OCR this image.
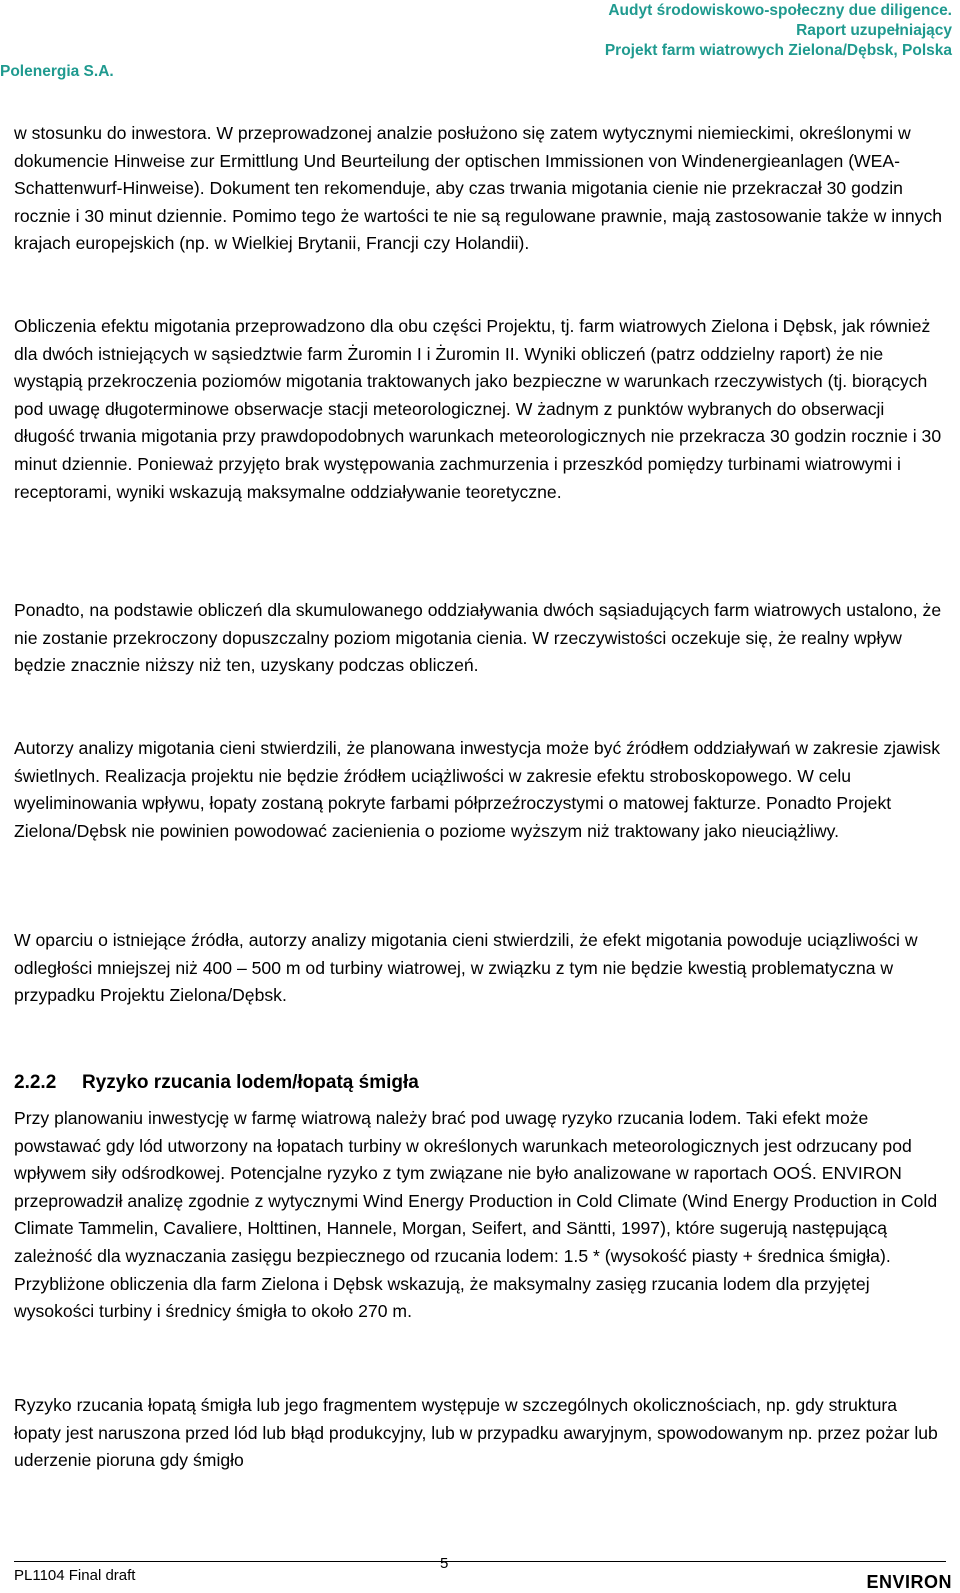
Polenergia S.A.
Audyt środowiskowo-społeczny due diligence.
Raport uzupełniający
Projekt farm wiatrowych Zielona/Dębsk, Polska

w stosunku do inwestora. W przeprowadzonej analzie posłużono się zatem wytycznymi niemieckimi, określonymi w dokumencie Hinweise zur Ermittlung Und Beurteilung der optischen Immissionen von Windenergieanlagen (WEA-Schattenwurf-Hinweise). Dokument ten rekomenduje, aby czas trwania migotania cienie nie przekraczał 30 godzin rocznie i 30 minut dziennie. Pomimo tego że wartości te nie są regulowane prawnie, mają zastosowanie także w innych krajach europejskich (np. w Wielkiej Brytanii, Francji czy Holandii).

Obliczenia efektu migotania przeprowadzono dla obu części Projektu, tj. farm wiatrowych Zielona i Dębsk, jak również dla dwóch istniejących w sąsiedztwie farm Żuromin I i Żuromin II. Wyniki obliczeń (patrz oddzielny raport) że nie wystąpią przekroczenia poziomów migotania traktowanych jako bezpieczne w warunkach rzeczywistych (tj. biorących pod uwagę długoterminowe obserwacje stacji meteorologicznej. W żadnym z punktów wybranych do obserwacji długość trwania migotania przy prawdopodobnych warunkach meteorologicznych nie przekracza 30 godzin rocznie i 30 minut dziennie. Ponieważ przyjęto brak występowania zachmurzenia i przeszkód pomiędzy turbinami wiatrowymi i receptorami, wyniki wskazują maksymalne oddziaływanie teoretyczne.

Ponadto, na podstawie obliczeń dla skumulowanego oddziaływania dwóch sąsiadujących farm wiatrowych ustalono, że nie zostanie przekroczony dopuszczalny poziom migotania cienia. W rzeczywistości oczekuje się, że realny wpływ będzie znacznie niższy niż ten, uzyskany podczas obliczeń.

Autorzy analizy migotania cieni stwierdzili, że planowana inwestycja może być źródłem oddziaływań w zakresie zjawisk świetlnych. Realizacja projektu nie będzie źródłem uciążliwości w zakresie efektu stroboskopowego. W celu wyeliminowania wpływu, łopaty zostaną pokryte farbami półprzeźroczystymi o matowej fakturze. Ponadto Projekt Zielona/Dębsk nie powinien powodować zacienienia o poziome wyższym niż traktowany jako nieuciążliwy.

W oparciu o istniejące źródła, autorzy analizy migotania cieni stwierdzili, że efekt migotania powoduje uciązliwości w odległości mniejszej niż 400 – 500 m od turbiny wiatrowej, w związku z tym nie będzie kwestią problematyczna w przypadku Projektu Zielona/Dębsk.

2.2.2 Ryzyko rzucania lodem/łopatą śmigła

Przy planowaniu inwestycję w farmę wiatrową należy brać pod uwagę ryzyko rzucania lodem. Taki efekt może powstawać gdy lód utworzony na łopatach turbiny w określonych warunkach meteorologicznych jest odrzucany pod wpływem siły odśrodkowej. Potencjalne ryzyko z tym związane nie było analizowane w raportach OOŚ. ENVIRON przeprowadził analizę zgodnie z wytycznymi Wind Energy Production in Cold Climate (Wind Energy Production in Cold Climate Tammelin, Cavaliere, Holttinen, Hannele, Morgan, Seifert, and Säntti, 1997), które sugerują następującą zależność dla wyznaczania zasięgu bezpiecznego od rzucania lodem: 1.5 * (wysokość piasty + średnica śmigła). Przybliżone obliczenia dla farm Zielona i Dębsk wskazują, że maksymalny zasięg rzucania lodem dla przyjętej wysokości turbiny i średnicy śmigła to około 270 m.

Ryzyko rzucania łopatą śmigła lub jego fragmentem występuje w szczególnych okolicznościach, np. gdy struktura łopaty jest naruszona przed lód lub błąd produkcyjny, lub w przypadku awaryjnym, spowodowanym np. przez pożar lub uderzenie pioruna gdy śmigło

PL1104 Final draft
5
ENVIRON
